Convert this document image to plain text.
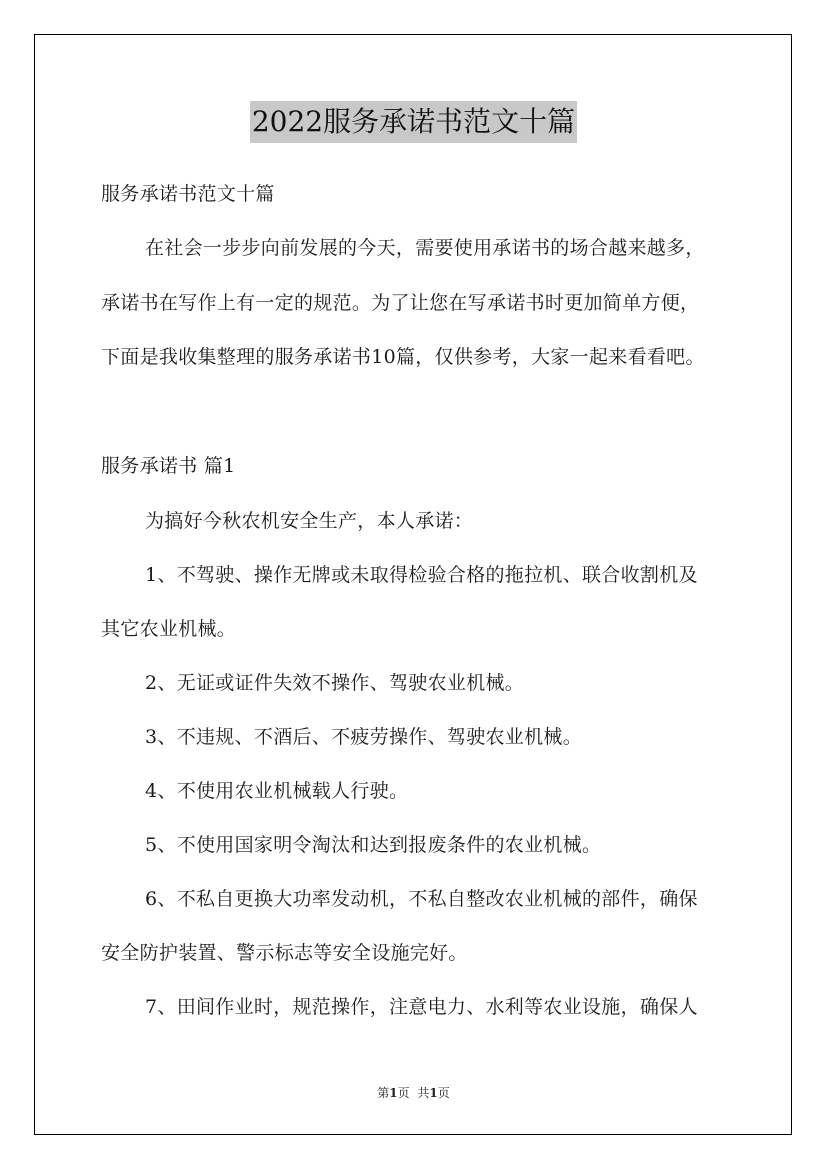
2022服务承诺书范文十篇
服务承诺书范文十篇
在社会一步步向前发展的今天，需要使用承诺书的场合越来越多，
承诺书在写作上有一定的规范。为了让您在写承诺书时更加简单方便，
下面是我收集整理的服务承诺书10篇，仅供参考，大家一起来看看吧。
服务承诺书 篇1
为搞好今秋农机安全生产，本人承诺：
1、不驾驶、操作无牌或未取得检验合格的拖拉机、联合收割机及
其它农业机械。
2、无证或证件失效不操作、驾驶农业机械。
3、不违规、不酒后、不疲劳操作、驾驶农业机械。
4、不使用农业机械载人行驶。
5、不使用国家明令淘汰和达到报废条件的农业机械。
6、不私自更换大功率发动机，不私自整改农业机械的部件，确保
安全防护装置、警示标志等安全设施完好。
7、田间作业时，规范操作，注意电力、水利等农业设施，确保人
第1页 共1页
